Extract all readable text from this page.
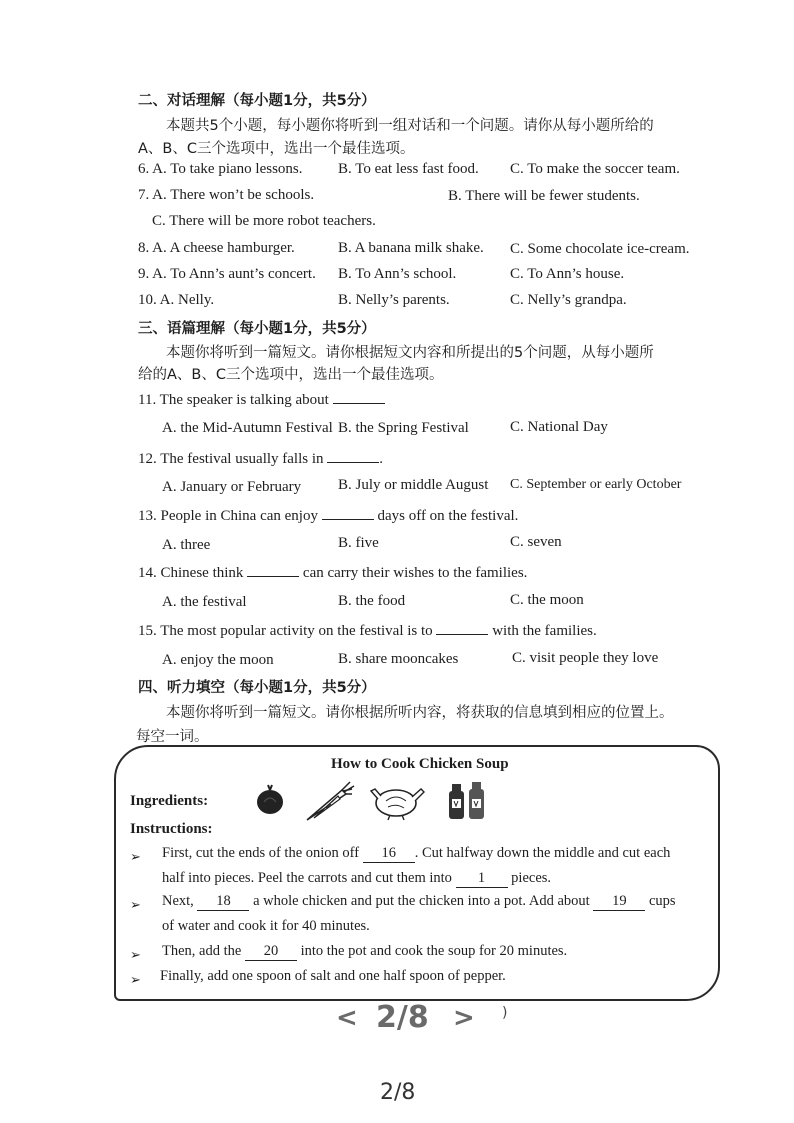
二、对话理解（每小题1分，共5分）
本题共5个小题，每小题你将听到一组对话和一个问题。请你从每小题所给的
A、B、C三个选项中，选出一个最佳选项。
6. A. To take piano lessons. B. To eat less fast food. C. To make the soccer team.
7. A. There won’t be schools.	B. There will be fewer students.
C. There will be more robot teachers.
8. A. A cheese hamburger.	B. A banana milk shake. C. Some chocolate ice-cream.
9. A. To Ann’s aunt’s concert. B. To Ann’s school.	C. To Ann’s house.
10. A. Nelly.	B. Nelly’s parents.	C. Nelly’s grandpa.
三、语篇理解（每小题1分，共5分）
本题你将听到一篇短文。请你根据短文内容和所提出的5个问题，从每小题所
给的A、B、C三个选项中，选出一个最佳选项。
11. The speaker is talking about
A. the Mid-Autumn Festival B. the Spring Festival	C. National Day
12. The festival usually falls in	.
A. January or February B. July or middle August C. September or early October
13. People in China can enjoy	days off on the festival.
A. three	B. five	C. seven
14. Chinese think	can carry their wishes to the families.
A. the festival	B. the food	C. the moon
15. The most popular activity on the festival is to	with the families.
A. enjoy the moon	B. share mooncakes	C. visit people they love
四、听力填空（每小题1分，共5分）
本题你将听到一篇短文。请你根据所听内容，将获取的信息填到相应的位置上。
每空一词。
How to Cook Chicken Soup
Ingredients:
Instructions:
➢ First, cut the ends of the onion off 16 . Cut halfway down the middle and cut each
half into pieces. Peel the carrots and cut them into 1 pieces.
➢ Next, 18 a whole chicken and put the chicken into a pot. Add about 19 cups
of water and cook it for 40 minutes.
➢ Then, add the 20 into the pot and cook the soup for 20 minutes.
➢ Finally, add one spoon of salt and one half spoon of pepper.
< 2/8 > )
2/8
